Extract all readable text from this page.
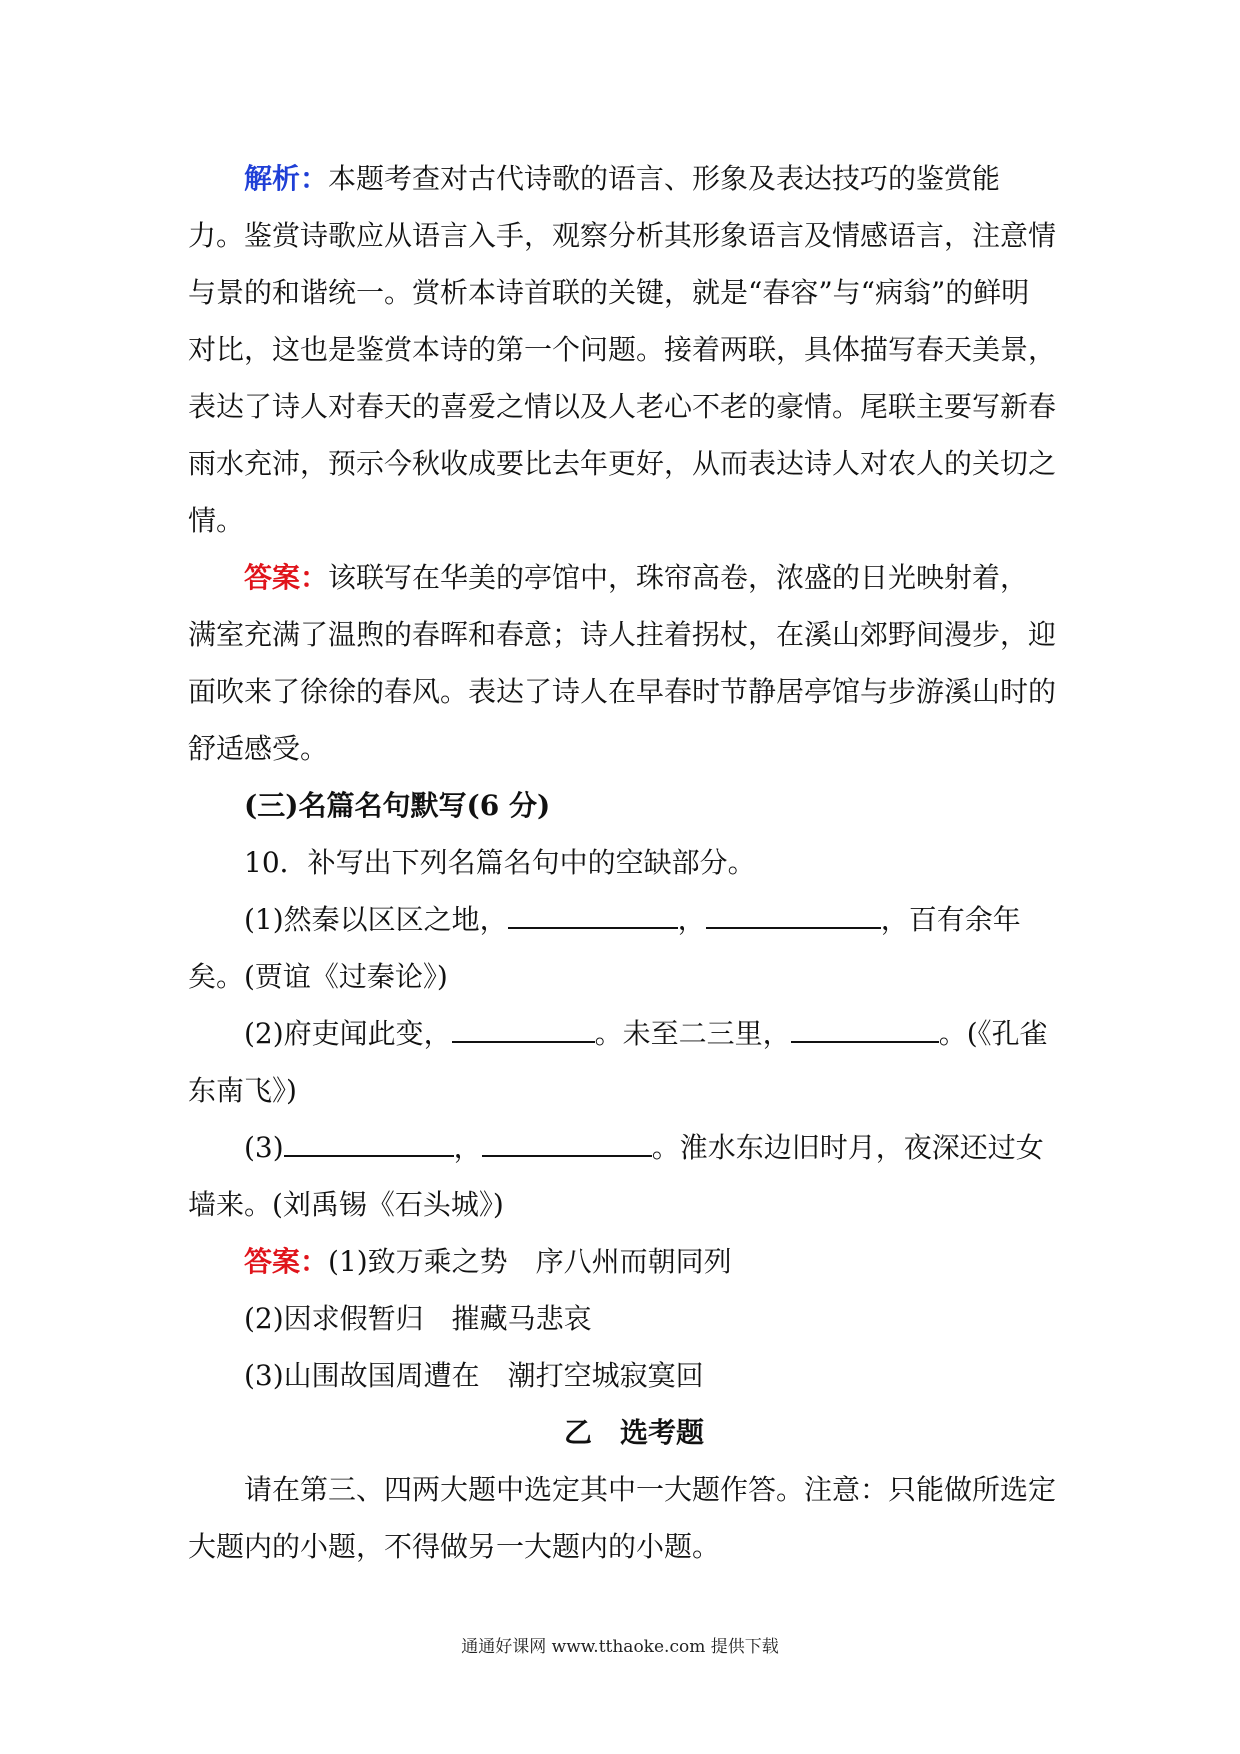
解析：本题考查对古代诗歌的语言、形象及表达技巧的鉴赏能力。鉴赏诗歌应从语言入手，观察分析其形象语言及情感语言，注意情与景的和谐统一。赏析本诗首联的关键，就是“春容”与“病翁”的鲜明对比，这也是鉴赏本诗的第一个问题。接着两联，具体描写春天美景，表达了诗人对春天的喜爱之情以及人老心不老的豪情。尾联主要写新春雨水充沛，预示今秋收成要比去年更好，从而表达诗人对农人的关切之情。

答案：该联写在华美的亭馆中，珠帘高卷，浓盛的日光映射着，满室充满了温煦的春晖和春意；诗人拄着拐杖，在溪山郊野间漫步，迎面吹来了徐徐的春风。表达了诗人在早春时节静居亭馆与步游溪山时的舒适感受。

(三)名篇名句默写(6 分)

10．补写出下列名篇名句中的空缺部分。

(1)然秦以区区之地，	，	，百有余年矣。(贾谊《过秦论》)

(2)府吏闻此变，	。未至二三里，	。(《孔雀东南飞》)

(3)	，	。淮水东边旧时月，夜深还过女墙来。(刘禹锡《石头城》)

答案：(1)致万乘之势　序八州而朝同列

(2)因求假暂归　摧藏马悲哀

(3)山围故国周遭在　潮打空城寂寞回

乙　选考题

请在第三、四两大题中选定其中一大题作答。注意：只能做所选定大题内的小题，不得做另一大题内的小题。

通通好课网 www.tthaoke.com 提供下载
